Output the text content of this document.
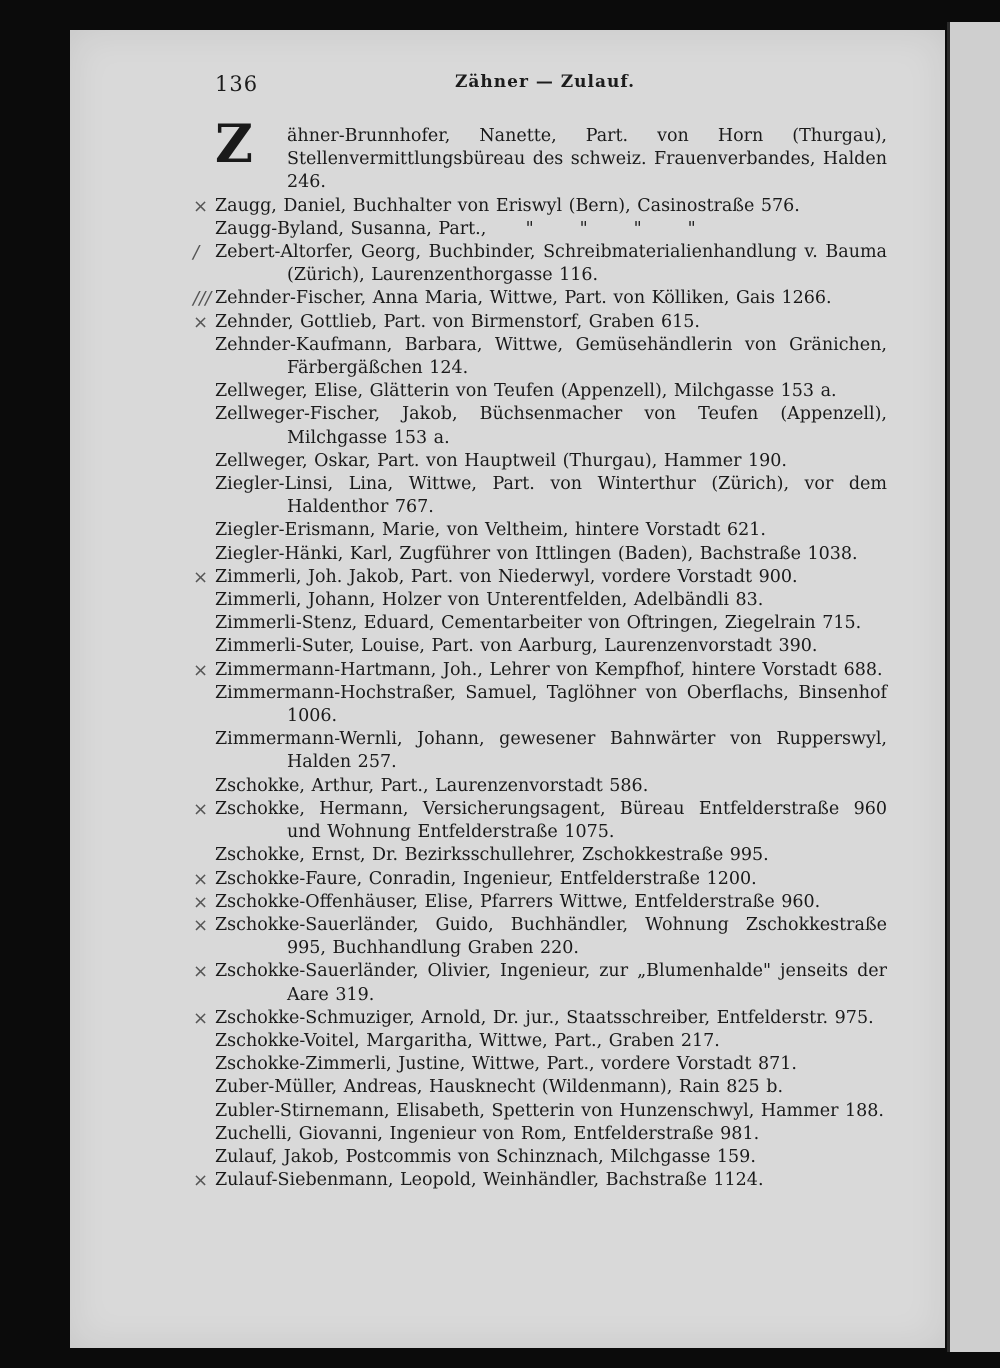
136	Zähner — Zulauf.
Z ähner-Brunnhofer, Nanette, Part. von Horn (Thurgau), Stellenvermittlungsbüreau des schweiz. Frauenverbandes, Halden 246.
× Zaugg, Daniel, Buchhalter von Eriswyl (Bern), Casinostraße 576.
Zaugg-Byland, Susanna, Part.,      "       "       "       "
/ Zebert-Altorfer, Georg, Buchbinder, Schreibmaterialienhandlung v. Bauma (Zürich), Laurenzenthorgasse 116.
/// Zehnder-Fischer, Anna Maria, Wittwe, Part. von Kölliken, Gais 1266.
× Zehnder, Gottlieb, Part. von Birmenstorf, Graben 615.
Zehnder-Kaufmann, Barbara, Wittwe, Gemüsehändlerin von Gränichen, Färbergäßchen 124.
Zellweger, Elise, Glätterin von Teufen (Appenzell), Milchgasse 153 a.
Zellweger-Fischer, Jakob, Büchsenmacher von Teufen (Appenzell), Milchgasse 153 a.
Zellweger, Oskar, Part. von Hauptweil (Thurgau), Hammer 190.
Ziegler-Linsi, Lina, Wittwe, Part. von Winterthur (Zürich), vor dem Haldenthor 767.
Ziegler-Erismann, Marie, von Veltheim, hintere Vorstadt 621.
Ziegler-Hänki, Karl, Zugführer von Ittlingen (Baden), Bachstraße 1038.
× Zimmerli, Joh. Jakob, Part. von Niederwyl, vordere Vorstadt 900.
Zimmerli, Johann, Holzer von Unterentfelden, Adelbändli 83.
Zimmerli-Stenz, Eduard, Cementarbeiter von Oftringen, Ziegelrain 715.
Zimmerli-Suter, Louise, Part. von Aarburg, Laurenzenvorstadt 390.
× Zimmermann-Hartmann, Joh., Lehrer von Kempfhof, hintere Vorstadt 688.
Zimmermann-Hochstraßer, Samuel, Taglöhner von Oberflachs, Binsenhof 1006.
Zimmermann-Wernli, Johann, gewesener Bahnwärter von Rupperswyl, Halden 257.
Zschokke, Arthur, Part., Laurenzenvorstadt 586.
× Zschokke, Hermann, Versicherungsagent, Büreau Entfelderstraße 960 und Wohnung Entfelderstraße 1075.
Zschokke, Ernst, Dr. Bezirksschullehrer, Zschokkestraße 995.
× Zschokke-Faure, Conradin, Ingenieur, Entfelderstraße 1200.
× Zschokke-Offenhäuser, Elise, Pfarrers Wittwe, Entfelderstraße 960.
× Zschokke-Sauerländer, Guido, Buchhändler, Wohnung Zschokkestraße 995, Buchhandlung Graben 220.
× Zschokke-Sauerländer, Olivier, Ingenieur, zur „Blumenhalde" jenseits der Aare 319.
× Zschokke-Schmuziger, Arnold, Dr. jur., Staatsschreiber, Entfelderstr. 975.
Zschokke-Voitel, Margaritha, Wittwe, Part., Graben 217.
Zschokke-Zimmerli, Justine, Wittwe, Part., vordere Vorstadt 871.
Zuber-Müller, Andreas, Hausknecht (Wildenmann), Rain 825 b.
Zubler-Stirnemann, Elisabeth, Spetterin von Hunzenschwyl, Hammer 188.
Zuchelli, Giovanni, Ingenieur von Rom, Entfelderstraße 981.
Zulauf, Jakob, Postcommis von Schinznach, Milchgasse 159.
× Zulauf-Siebenmann, Leopold, Weinhändler, Bachstraße 1124.
